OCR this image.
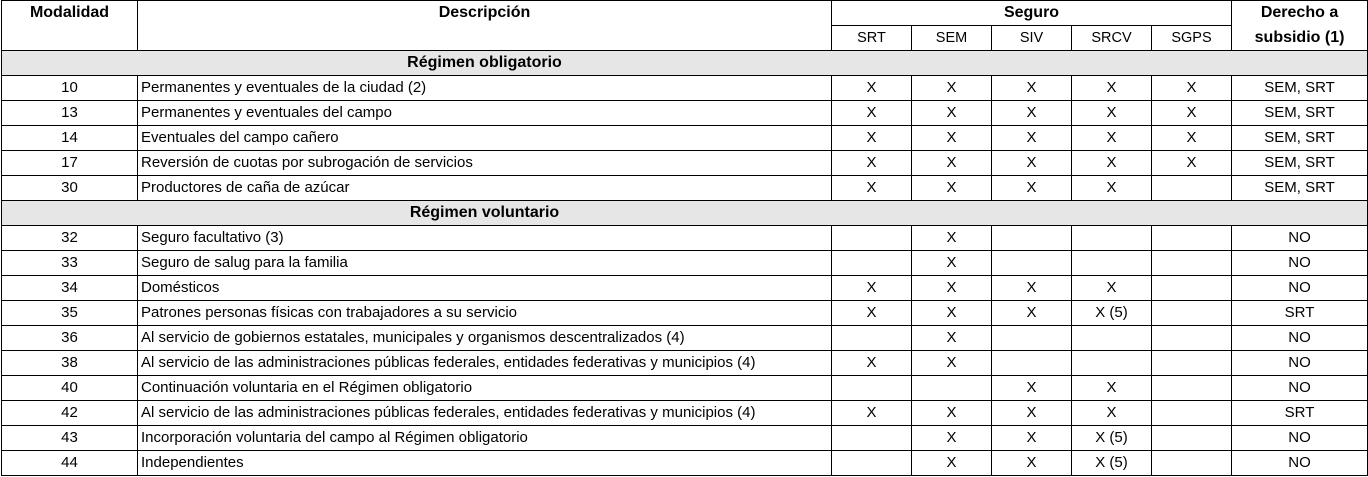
Modalidad	Descripción	Seguro					Derecho a
		SRT	SEM	SIV	SRCV	SGPS	subsidio (1)
	Régimen obligatorio						
10	Permanentes y eventuales de la ciudad (2)	X	X	X	X	X	SEM, SRT
13	Permanentes y eventuales del campo	X	X	X	X	X	SEM, SRT
14	Eventuales del campo cañero	X	X	X	X	X	SEM, SRT
17	Reversión de cuotas por subrogación de servicios	X	X	X	X	X	SEM, SRT
30	Productores de caña de azúcar	X	X	X	X		SEM, SRT
	Régimen voluntario						
32	Seguro facultativo (3)		X				NO
33	Seguro de salug para la familia		X				NO
34	Domésticos	X	X	X	X		NO
35	Patrones personas físicas con trabajadores a su servicio	X	X	X	X (5)		SRT
36	Al servicio de gobiernos estatales, municipales y organismos descentralizados (4)		X				NO
38	Al servicio de las administraciones públicas federales, entidades federativas y municipios (4)	X	X				NO
40	Continuación voluntaria en el Régimen obligatorio			X	X		NO
42	Al servicio de las administraciones públicas federales, entidades federativas y municipios (4)	X	X	X	X		SRT
43	Incorporación voluntaria del campo al Régimen obligatorio		X	X	X (5)		NO
44	Independientes		X	X	X (5)		NO
